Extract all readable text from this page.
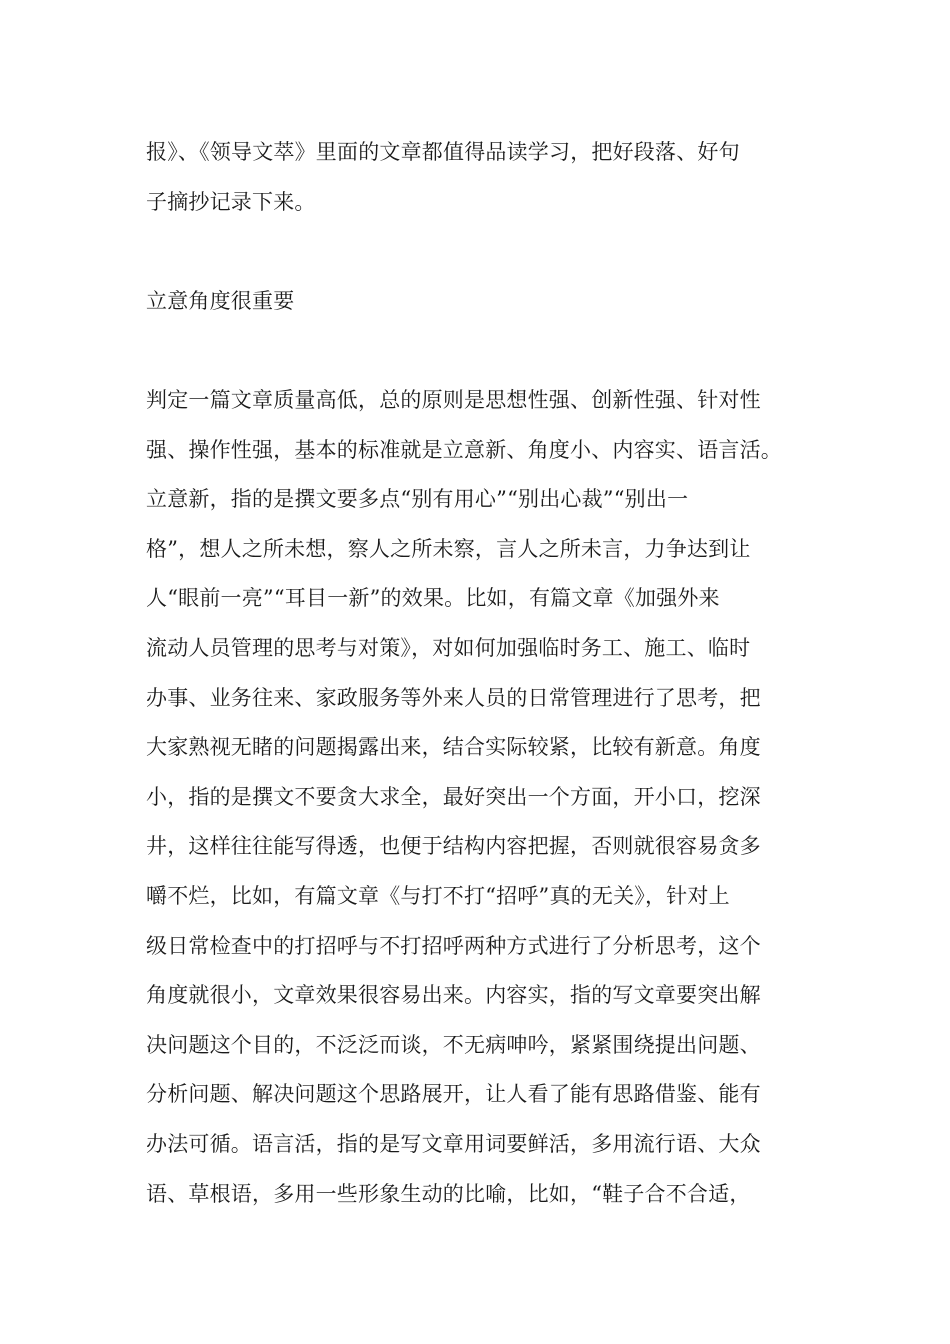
报》、《领导文萃》里面的文章都值得品读学习，把好段落、好句
子摘抄记录下来。
立意角度很重要
判定一篇文章质量高低，总的原则是思想性强、创新性强、针对性
强、操作性强，基本的标准就是立意新、角度小、内容实、语言活。
立意新，指的是撰文要多点“别有用心”“别出心裁”“别出一
格”，想人之所未想，察人之所未察，言人之所未言，力争达到让
人“眼前一亮”“耳目一新”的效果。比如，有篇文章《加强外来
流动人员管理的思考与对策》，对如何加强临时务工、施工、临时
办事、业务往来、家政服务等外来人员的日常管理进行了思考，把
大家熟视无睹的问题揭露出来，结合实际较紧，比较有新意。角度
小，指的是撰文不要贪大求全，最好突出一个方面，开小口，挖深
井，这样往往能写得透，也便于结构内容把握，否则就很容易贪多
嚼不烂，比如，有篇文章《与打不打“招呼”真的无关》，针对上
级日常检查中的打招呼与不打招呼两种方式进行了分析思考，这个
角度就很小，文章效果很容易出来。内容实，指的写文章要突出解
决问题这个目的，不泛泛而谈，不无病呻吟，紧紧围绕提出问题、
分析问题、解决问题这个思路展开，让人看了能有思路借鉴、能有
办法可循。语言活，指的是写文章用词要鲜活，多用流行语、大众
语、草根语，多用一些形象生动的比喻，比如，“鞋子合不合适，
